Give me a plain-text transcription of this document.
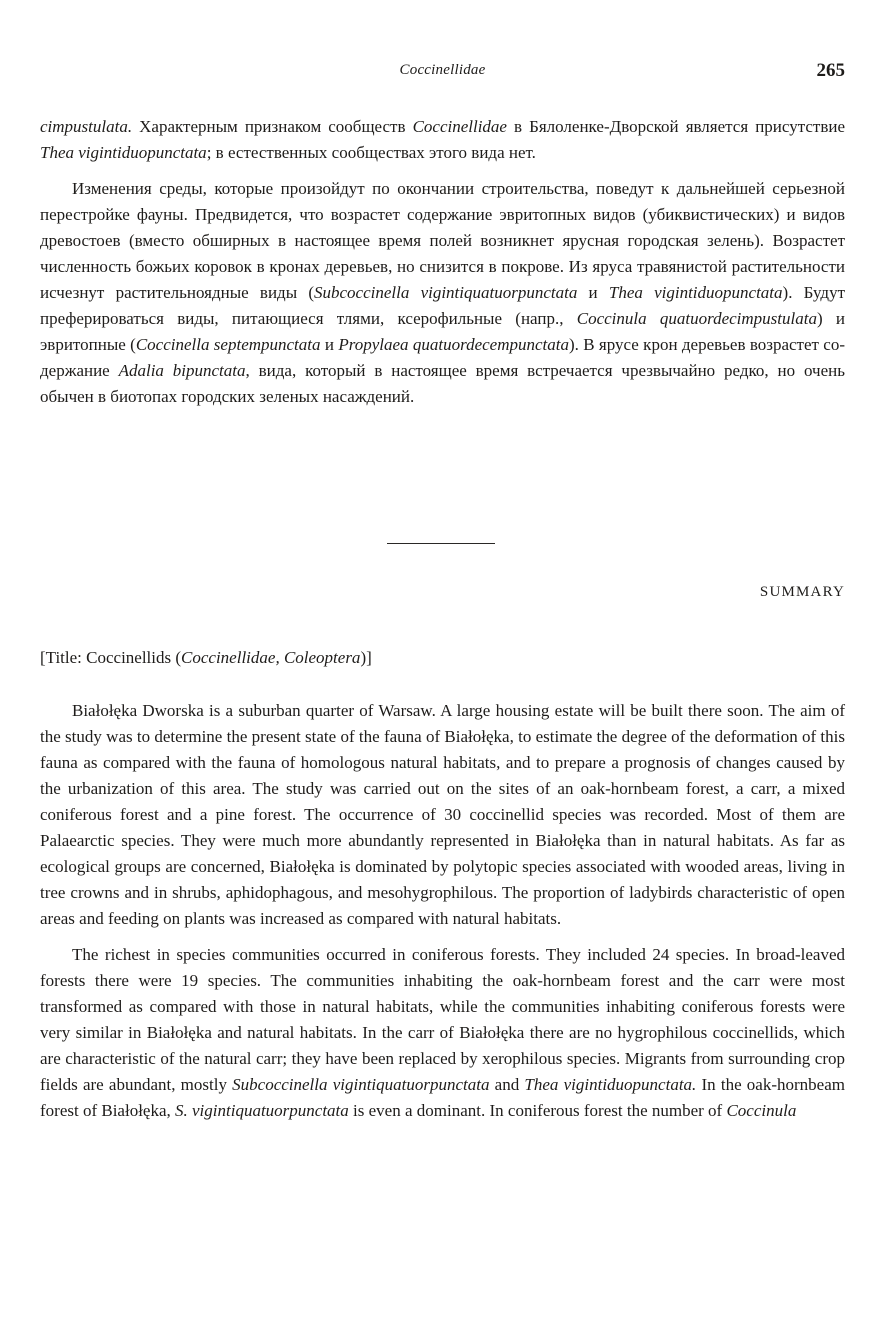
Coccinellidae	265

cimpustulata. Характерным признаком сообществ Coccinellidae в Бялоленке-Дворской является присутствие Thea vigintiduopunctata; в естественных сообществах этого вида нет.

Изменения среды, которые произойдут по окончании строительства, поведут к дальнейшей серьезной перестройке фауны. Предвидется, что возрастет содержание эвритопных видов (убиквистических) и видов древостоев (вместо обширных в настоящее время полей возникнет ярусная городская зелень). Возрастет численность божьих коровок в кронах деревьев, но снизится в покрове. Из яруса травянистой растительности исчезнут растительноядные виды (Subcoccinella vigintiquatuorpunctata и Thea vigintiduopunctata). Будут преферироваться виды, питающиеся тлями, ксерофильные (напр., Coccinula quatuordecimpustulata) и эвритопные (Coccinella septempunctata и Propylaea quatuordecempunctata). В ярусе крон деревьев возрастет содержание Adalia bipunctata, вида, который в настоящее время встречается чрезвычайно редко, но очень обычен в биотопах городских зеленых насаждений.

SUMMARY
[Title: Coccinellids (Coccinellidae, Coleoptera)]

Białołęka Dworska is a suburban quarter of Warsaw. A large housing estate will be built there soon. The aim of the study was to determine the present state of the fauna of Białołęka, to estimate the degree of the deformation of this fauna as compared with the fauna of homologous natural habitats, and to prepare a prognosis of changes caused by the urbanization of this area. The study was carried out on the sites of an oak-hornbeam forest, a carr, a mixed coniferous forest and a pine forest. The occurrence of 30 coccinellid species was recorded. Most of them are Palaearctic species. They were much more abundantly represented in Białołęka than in natural habitats. As far as ecological groups are concerned, Białołęka is dominated by polytopic species associated with wooded areas, living in tree crowns and in shrubs, aphidophagous, and mesohygrophilous. The proportion of ladybirds characteristic of open areas and feeding on plants was increased as compared with natural habitats.

The richest in species communities occurred in coniferous forests. They included 24 species. In broad-leaved forests there were 19 species. The communities inhabiting the oak-hornbeam forest and the carr were most transformed as compared with those in natural habitats, while the communities inhabiting coniferous forests were very similar in Białołęka and natural habitats. In the carr of Białołęka there are no hygrophilous coccinellids, which are characteristic of the natural carr; they have been replaced by xerophilous species. Migrants from surrounding crop fields are abundant, mostly Subcoccinella vigintiquatuorpunctata and Thea vigintiduopunctata. In the oak-hornbeam forest of Białołęka, S. vigintiquatuorpunctata is even a dominant. In coniferous forest the number of Coccinula
